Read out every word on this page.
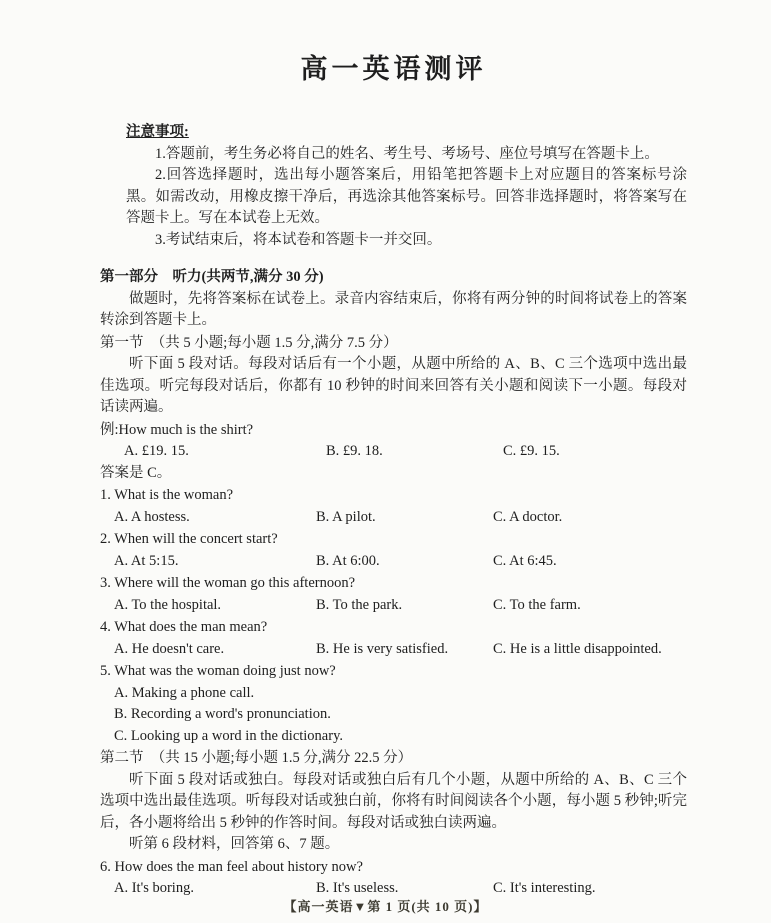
高一英语测评
注意事项:

1.答题前，考生务必将自己的姓名、考生号、考场号、座位号填写在答题卡上。

2.回答选择题时，选出每小题答案后，用铅笔把答题卡上对应题目的答案标号涂黑。如需改动，用橡皮擦干净后，再选涂其他答案标号。回答非选择题时，将答案写在答题卡上。写在本试卷上无效。

3.考试结束后，将本试卷和答题卡一并交回。

第一部分　听力(共两节,满分 30 分)

做题时，先将答案标在试卷上。录音内容结束后，你将有两分钟的时间将试卷上的答案转涂到答题卡上。

第一节　（共 5 小题;每小题 1.5 分,满分 7.5 分）

听下面 5 段对话。每段对话后有一个小题，从题中所给的 A、B、C 三个选项中选出最佳选项。听完每段对话后，你都有 10 秒钟的时间来回答有关小题和阅读下一小题。每段对话读两遍。

例:How much is the shirt?
A. £19. 15.	B. £9. 18.	C. £9. 15.
答案是 C。
1. What is the woman?
A. A hostess.	B. A pilot.	C. A doctor.
2. When will the concert start?
A. At 5:15.	B. At 6:00.	C. At 6:45.
3. Where will the woman go this afternoon?
A. To the hospital.	B. To the park.	C. To the farm.
4. What does the man mean?
A. He doesn't care.	B. He is very satisfied.	C. He is a little disappointed.
5. What was the woman doing just now?
A. Making a phone call.
B. Recording a word's pronunciation.
C. Looking up a word in the dictionary.
第二节　（共 15 小题;每小题 1.5 分,满分 22.5 分）

听下面 5 段对话或独白。每段对话或独白后有几个小题，从题中所给的 A、B、C 三个选项中选出最佳选项。听每段对话或独白前，你将有时间阅读各个小题，每小题 5 秒钟;听完后，各小题将给出 5 秒钟的作答时间。每段对话或独白读两遍。

听第 6 段材料，回答第 6、7 题。

6. How does the man feel about history now?
A. It's boring.	B. It's useless.	C. It's interesting.
【高一英语▼第 1 页(共 10 页)】
